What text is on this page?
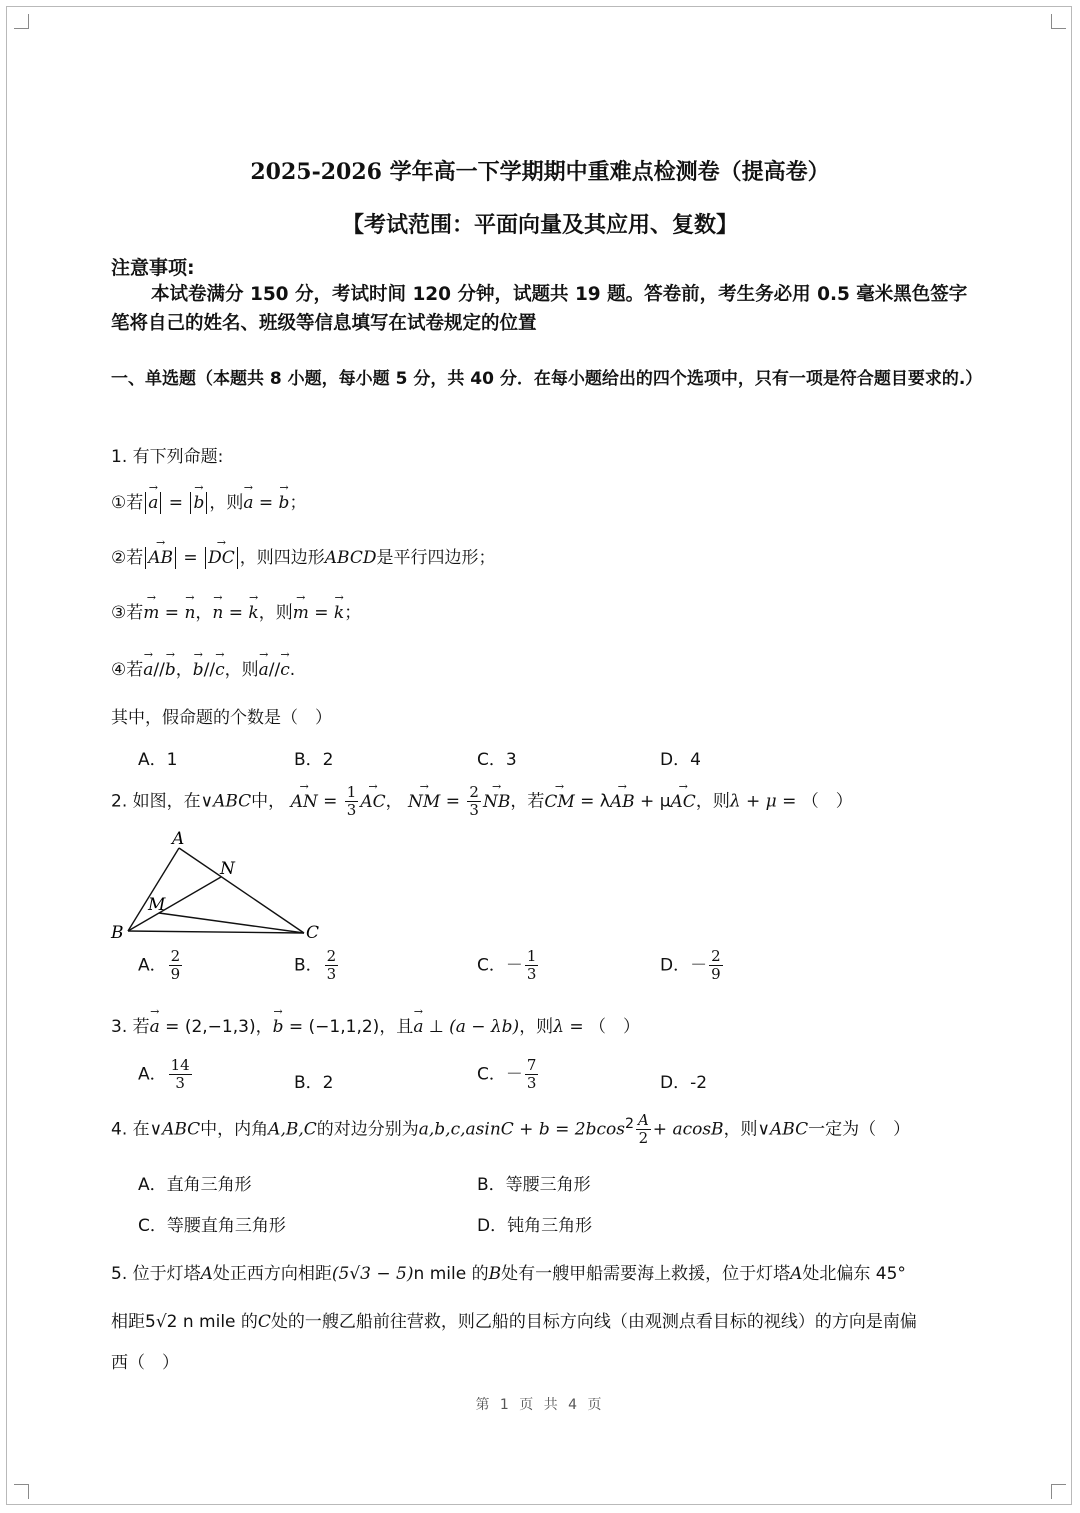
2025-2026 学年高一下学期期中重难点检测卷（提高卷）
【考试范围：平面向量及其应用、复数】
注意事项:
本试卷满分 150 分，考试时间 120 分钟，试题共 19 题。答卷前，考生务必用 0.5 毫米黑色签字笔将自己的姓名、班级等信息填写在试卷规定的位置
一、单选题（本题共 8 小题，每小题 5 分，共 40 分．在每小题给出的四个选项中，只有一项是符合题目要求的.）
1. 有下列命题:
①若 → a = → b ，则→ a = → b；
②若 → AB = → DC ，则四边形ABCD是平行四边形；
③若→ m = → n，→ n = → k，则→ m = → k；
④若→ a//→ b，→ b//→ c，则→ a//→ c.
其中，假命题的个数是（　）
A．1	B．2	C．3	D．4
2. 如图，在∨ABC中， → AN = $\frac{1}{3}$ → AC， → NM = $\frac{2}{3}$ → NB，若→ CM = λ→ AB + μ→ AC，则λ + μ = （　）
A
B	C
M
N
A． $\frac{2}{9}$	B． $\frac{2}{3}$	C．－ $\frac{1}{3}$	D．－ $\frac{2}{9}$
3. 若→ a = (2,−1,3)，→ b = (−1,1,2)，且→ a ⊥ (a − λb)，则λ = （　）
A． $\frac{14}{3}$	B．2	C．－ $\frac{7}{3}$	D．-2
4. 在∨ABC中，内角A,B,C的对边分别为$a,b,c,asinC + b = 2bcos^2 \frac{A}{2} + acosB$，则∨ABC一定为（　）
A．直角三角形	B．等腰三角形
C．等腰直角三角形	D．钝角三角形
5. 位于灯塔A处正西方向相距(5√3 − 5)n mile 的B处有一艘甲船需要海上救援，位于灯塔A处北偏东 45°
相距5√2 n mile 的C处的一艘乙船前往营救，则乙船的目标方向线（由观测点看目标的视线）的方向是南偏
西（　）
第 1 页 共 4 页
